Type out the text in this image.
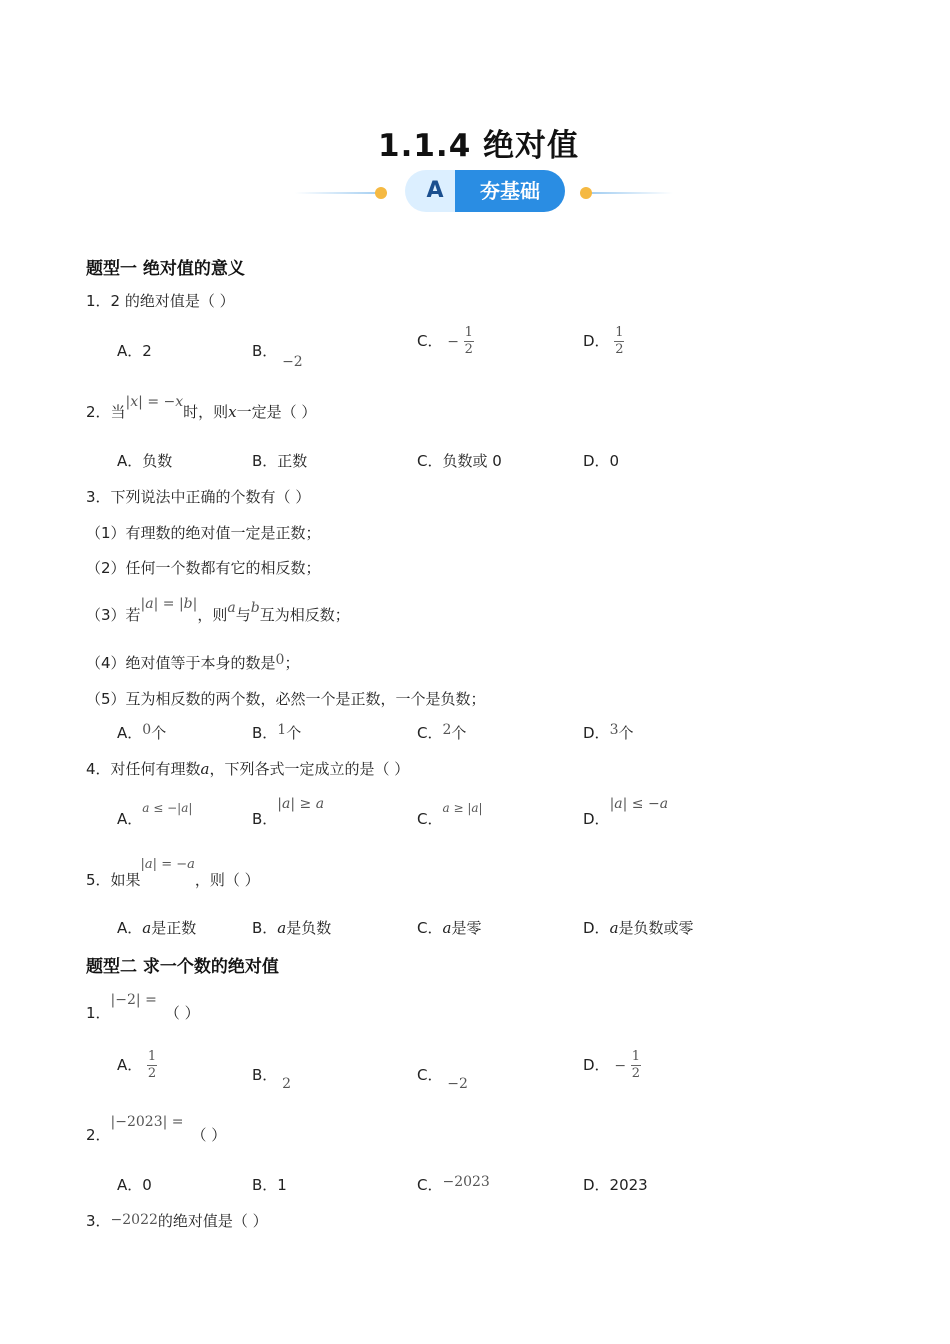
1.1.4 绝对值
A	夯基础
题型一 绝对值的意义
1．2 的绝对值是（ ）
A．2	B． −2
C． − $\frac{1}{2}$	D． $\frac{1}{2}$
2．当|x| = −x时，则x一定是（ ）
A．负数	B．正数	C．负数或 0	D．0
3．下列说法中正确的个数有（ ）
（1）有理数的绝对值一定是正数；
（2）任何一个数都有它的相反数；
（3）若|a| = |b|，则a与b互为相反数；
（4）绝对值等于本身的数是0；
（5）互为相反数的两个数，必然一个是正数，一个是负数；
A．0个	B．1个	C．2个	D．3个
4．对任何有理数a，下列各式一定成立的是（ ）
A．a ≤ −|a|
B．|a| ≥ a
C．a ≥ |a|
D．|a| ≤ −a
5．如果|a| = −a，则（ ）
A．a是正数	B．a是负数	C．a是零	D．a是负数或零
题型二 求一个数的绝对值
1．|−2| =（ ）
A． $\frac{1}{2}$	B． 2	C． −2
D． − $\frac{1}{2}$
2．|−2023| =（ ）
A．0	B．1	C．−2023	D．2023
3．−2022的绝对值是（ ）
